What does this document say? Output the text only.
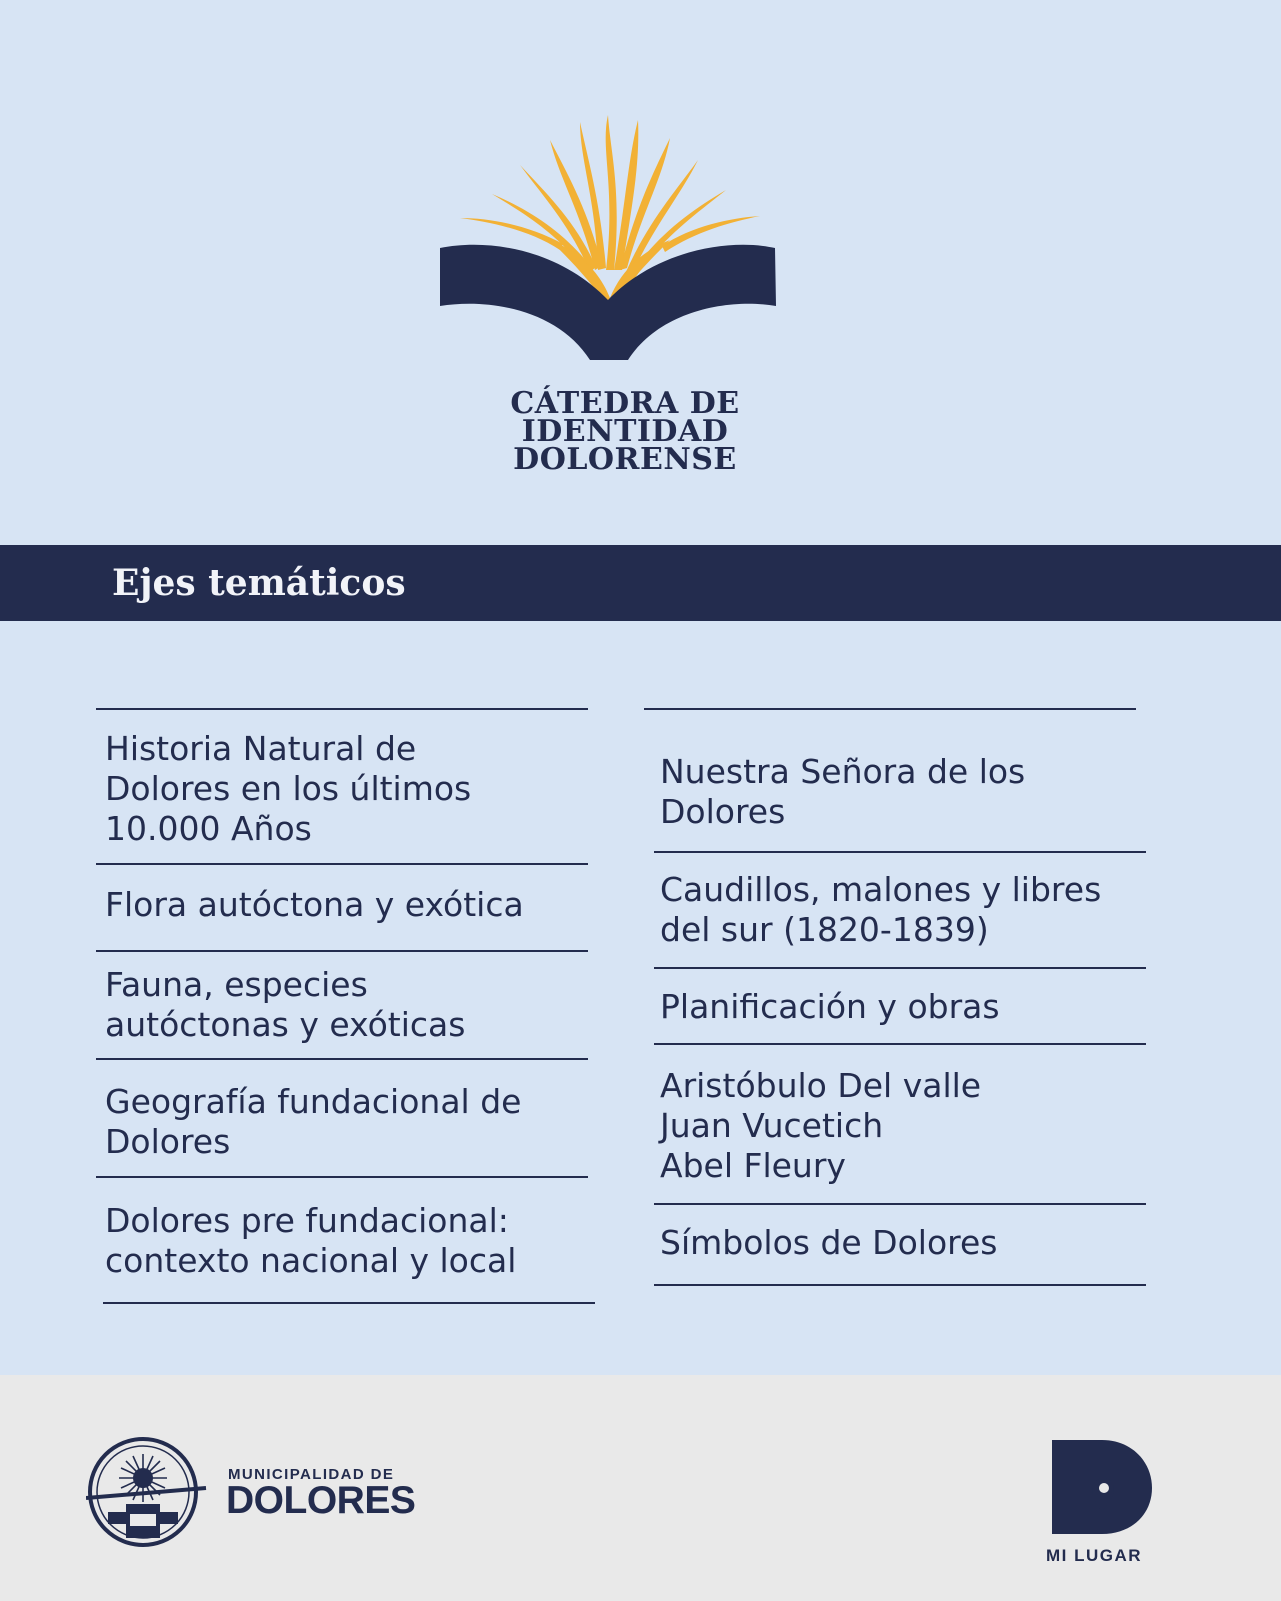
CÁTEDRA DE
IDENTIDAD
DOLORENSE
Ejes temáticos
Historia Natural de
Dolores en los últimos
10.000 Años
Flora autóctona y exótica
Fauna, especies
autóctonas y exóticas
Geografía fundacional de
Dolores
Dolores pre fundacional:
contexto nacional y local
Nuestra Señora de los
Dolores
Caudillos, malones y libres
del sur (1820-1839)
Planificación y obras
Aristóbulo Del valle
Juan Vucetich
Abel Fleury
Símbolos de Dolores
MUNICIPALIDAD DE
DOLORES
MI LUGAR
